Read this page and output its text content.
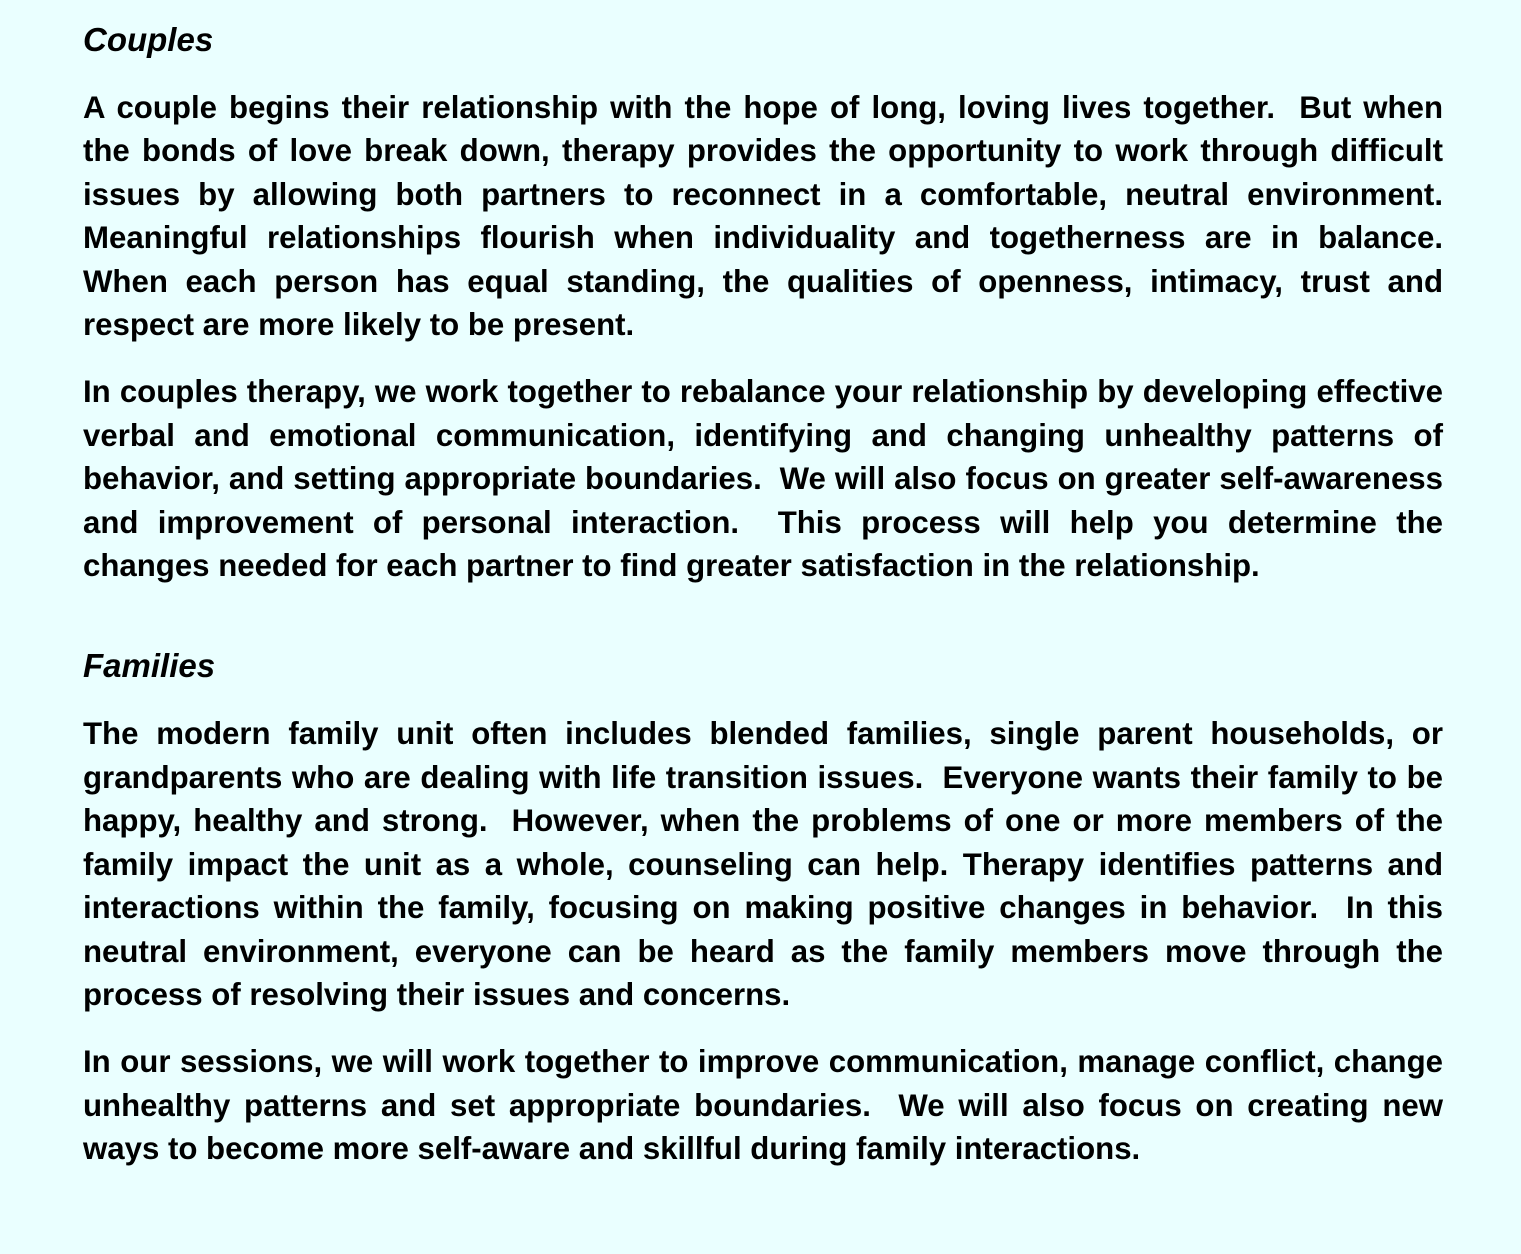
Couples

A couple begins their relationship with the hope of long, loving lives together.  But when the bonds of love break down, therapy provides the opportunity to work through difficult issues by allowing both partners to reconnect in a comfortable, neutral environment.  Meaningful relationships flourish when individuality and togetherness are in balance.  When each person has equal standing, the qualities of openness, intimacy, trust and respect are more likely to be present.

In couples therapy, we work together to rebalance your relationship by developing effective verbal and emotional communication, identifying and changing unhealthy patterns of behavior, and setting appropriate boundaries.  We will also focus on greater self-awareness and improvement of personal interaction.  This process will help you determine the changes needed for each partner to find greater satisfaction in the relationship.

Families

The modern family unit often includes blended families, single parent households, or grandparents who are dealing with life transition issues.  Everyone wants their family to be happy, healthy and strong.  However, when the problems of one or more members of the family impact the unit as a whole, counseling can help. Therapy identifies patterns and interactions within the family, focusing on making positive changes in behavior.  In this neutral environment, everyone can be heard as the family members move through the process of resolving their issues and concerns.

In our sessions, we will work together to improve communication, manage conflict, change unhealthy patterns and set appropriate boundaries.  We will also focus on creating new ways to become more self-aware and skillful during family interactions.
